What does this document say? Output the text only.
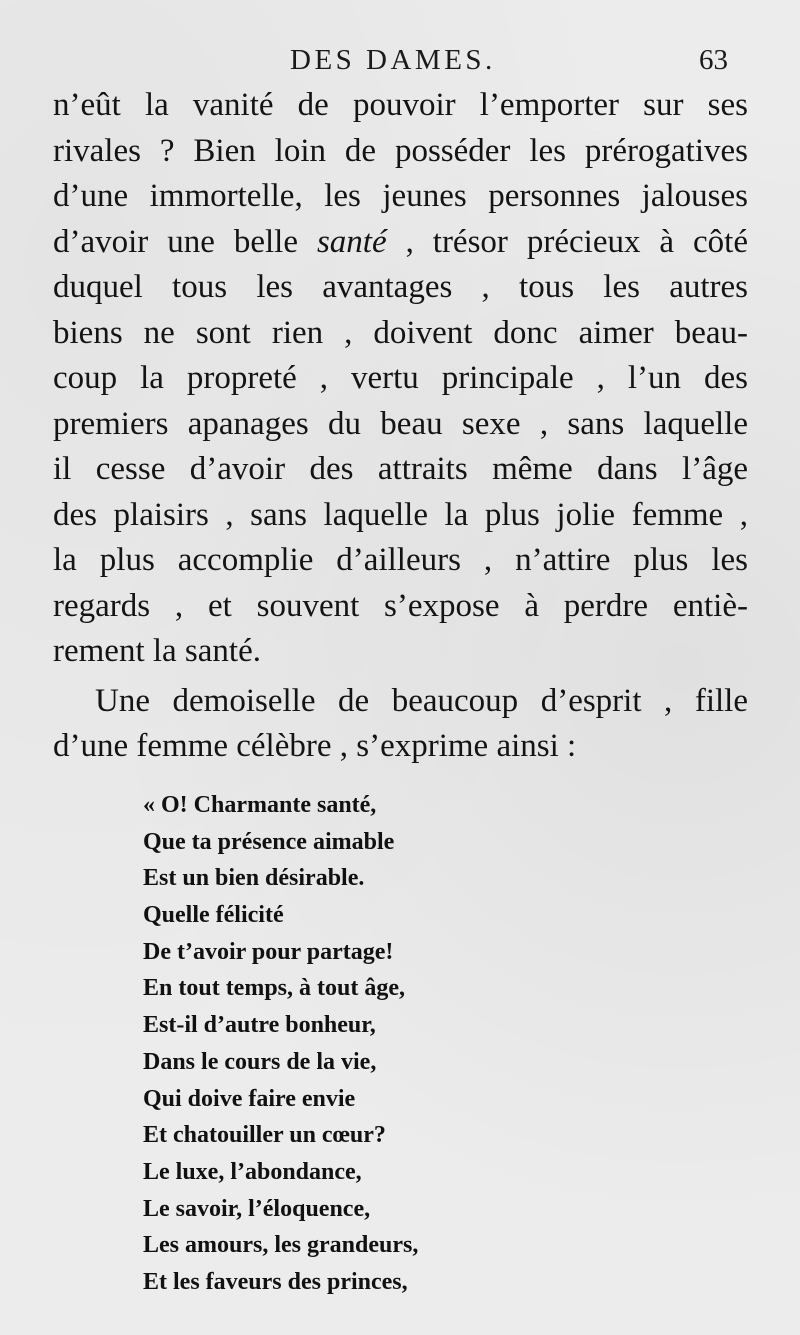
DES DAMES.	63
n’eût la vanité de pouvoir l’emporter sur ses
rivales ? Bien loin de posséder les prérogatives
d’une immortelle, les jeunes personnes jalouses
d’avoir une belle santé , trésor précieux à côté
duquel tous les avantages , tous les autres
biens ne sont rien , doivent donc aimer beau-
coup la propreté , vertu principale , l’un des
premiers apanages du beau sexe , sans laquelle
il cesse d’avoir des attraits même dans l’âge
des plaisirs , sans laquelle la plus jolie femme ,
la plus accomplie d’ailleurs , n’attire plus les
regards , et souvent s’expose à perdre entiè-
rement la santé.
Une demoiselle de beaucoup d’esprit , fille
d’une femme célèbre , s’exprime ainsi :
« O! Charmante santé,
Que ta présence aimable
Est un bien désirable.
Quelle félicité
De t’avoir pour partage!
En tout temps, à tout âge,
Est-il d’autre bonheur,
Dans le cours de la vie,
Qui doive faire envie
Et chatouiller un cœur?
Le luxe, l’abondance,
Le savoir, l’éloquence,
Les amours, les grandeurs,
Et les faveurs des princes,
